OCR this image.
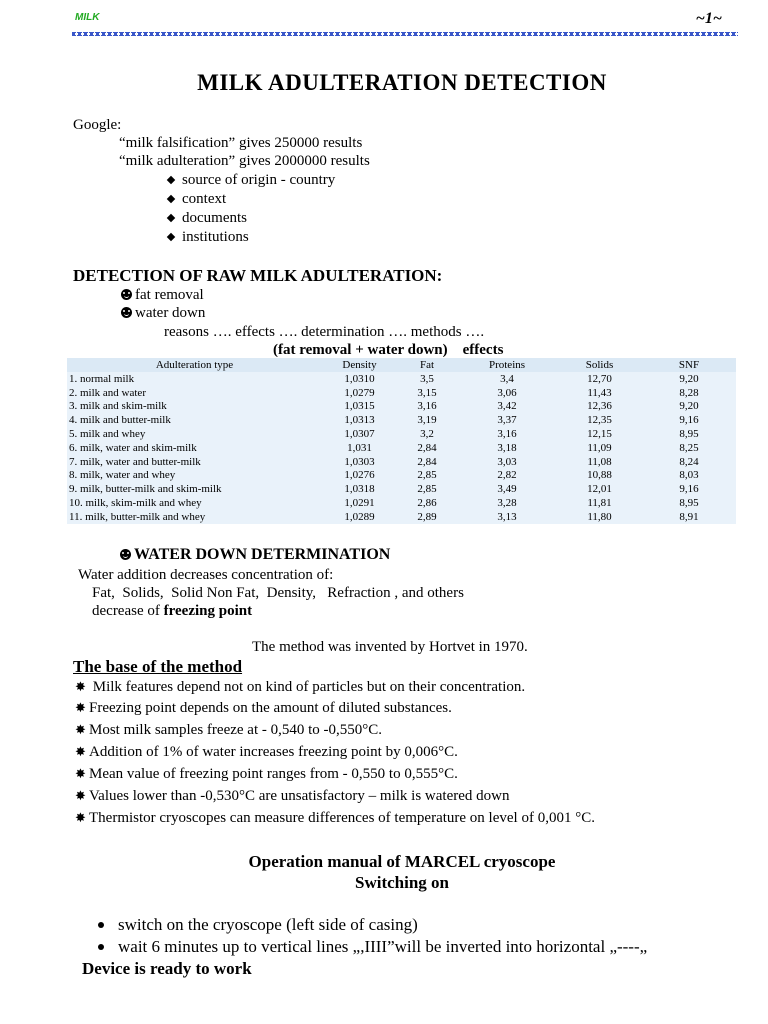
MILK	~1~
MILK ADULTERATION DETECTION
Google:
“milk falsification” gives 250000 results
“milk adulteration” gives 2000000 results
source of origin - country
context
documents
institutions
DETECTION OF RAW MILK ADULTERATION:
fat removal
water down
reasons …. effects …. determination …. methods ….
(fat removal + water down)    effects
Adulteration type	Density	Fat	Proteins	Solids	SNF
1. normal milk	1,0310	3,5	3,4	12,70	9,20
2. milk and water	1,0279	3,15	3,06	11,43	8,28
3. milk and skim-milk	1,0315	3,16	3,42	12,36	9,20
4. milk and butter-milk	1,0313	3,19	3,37	12,35	9,16
5. milk and whey	1,0307	3,2	3,16	12,15	8,95
6. milk, water and skim-milk	1,031	2,84	3,18	11,09	8,25
7. milk, water and butter-milk	1,0303	2,84	3,03	11,08	8,24
8. milk, water and whey	1,0276	2,85	2,82	10,88	8,03
9. milk, butter-milk and skim-milk	1,0318	2,85	3,49	12,01	9,16
10. milk, skim-milk and whey	1,0291	2,86	3,28	11,81	8,95
11. milk, butter-milk and whey	1,0289	2,89	3,13	11,80	8,91
WATER DOWN DETERMINATION
Water addition decreases concentration of:
Fat,  Solids,  Solid Non Fat,  Density,   Refraction , and others
decrease of freezing point
The method was invented by Hortvet in 1970.
The base of the method
✸ Milk features depend not on kind of particles but on their concentration.
✸ Freezing point depends on the amount of diluted substances.
✸ Most milk samples freeze at - 0,540 to -0,550°C.
✸ Addition of 1% of water increases freezing point by 0,006°C.
✸ Mean value of freezing point ranges from - 0,550 to 0,555°C.
✸ Values lower than -0,530°C are unsatisfactory – milk is watered down
✸ Thermistor cryoscopes can measure differences of temperature on level of 0,001 °C.
Operation manual of MARCEL cryoscope
Switching on
switch on the cryoscope (left side of casing)
wait 6 minutes up to vertical lines „,IIII”will be inverted into horizontal „----„
Device is ready to work
